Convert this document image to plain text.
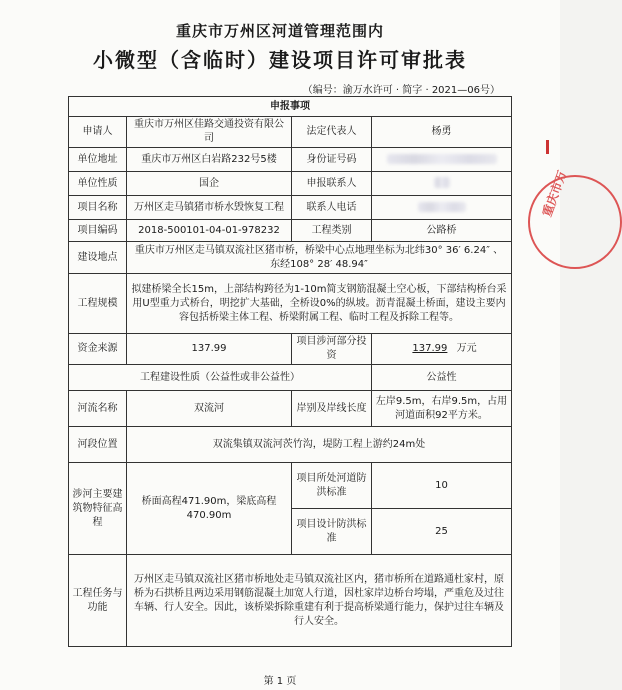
重庆市万州区河道管理范围内
小微型（含临时）建设项目许可审批表
（编号：渝万水许可 · 简字 · 2021—06号）
申报事项			
申请人	重庆市万州区佳路交通投资有限公司	法定代表人	杨勇
单位地址	重庆市万州区白岩路232号5楼	身份证号码	
单位性质	国企	申报联系人	
项目名称	万州区走马镇猪市桥水毁恢复工程	联系人电话	
项目编码	2018-500101-04-01-978232	工程类别	公路桥
建设地点	重庆市万州区走马镇双流社区猪市桥，桥梁中心点地理坐标为北纬30° 36′ 6.24″ 、东经108° 28′ 48.94″		
工程规模	拟建桥梁全长15m，上部结构跨径为1-10m简支钢筋混凝土空心板，下部结构桥台采用U型重力式桥台，明挖扩大基础，全桥设0%的纵坡。沥青混凝土桥面，建设主要内容包括桥梁主体工程、桥梁附属工程、临时工程及拆除工程等。		
资金来源	137.99	项目涉河部分投资	137.99 万元
工程建设性质（公益性或非公益性）			公益性
河流名称	双流河	岸别及岸线长度	左岸9.5m，右岸9.5m，占用河道面积92平方米。
河段位置	双流集镇双流河茨竹沟，堤防工程上游约24m处		
涉河主要建筑物特征高程	桥面高程471.90m，梁底高程470.90m	项目所处河道防洪标准	10
		项目设计防洪标准	25
工程任务与功能	万州区走马镇双流社区猪市桥地处走马镇双流社区内，猪市桥所在道路通杜家村，原桥为石拱桥且两边采用钢筋混凝土加宽人行道，因杜家岸边桥台垮塌，严重危及过往车辆、行人安全。因此，该桥梁拆除重建有利于提高桥梁通行能力，保护过往车辆及行人安全。		
重庆市万
第 1 页
